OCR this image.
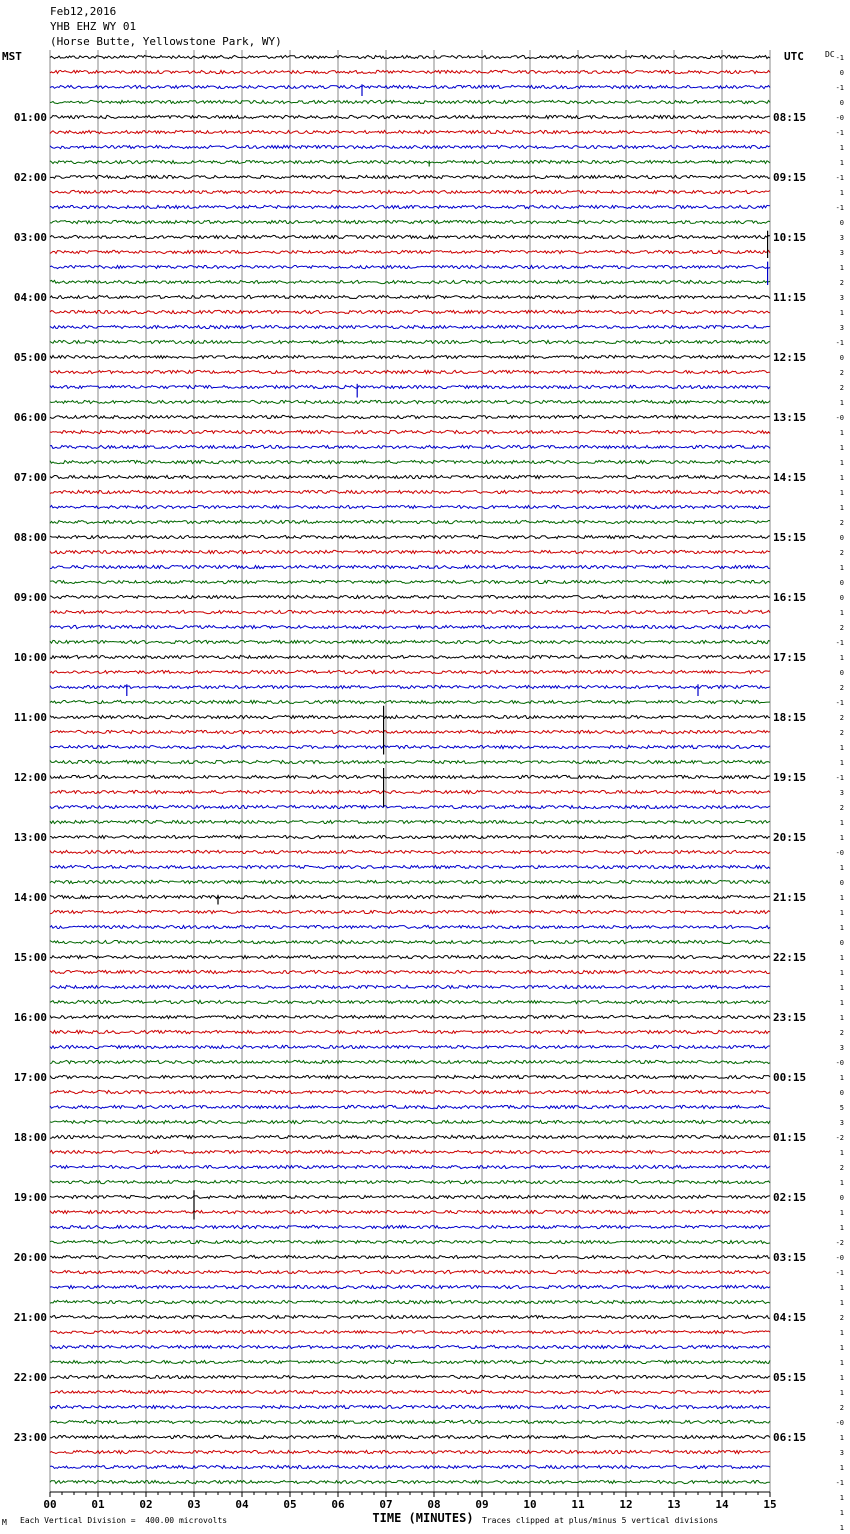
Feb12,2016
YHB EHZ WY 01
(Horse Butte, Yellowstone Park, WY)
MST	UTC	DC
01:00	08:15
02:00	09:15
03:00	10:15
04:00	11:15
05:00	12:15
06:00	13:15
07:00	14:15
08:00	15:15
09:00	16:15
10:00	17:15
11:00	18:15
12:00	19:15
13:00	20:15
14:00	21:15
15:00	22:15
16:00	23:15
17:00	00:15
18:00	01:15
19:00	02:15
20:00	03:15
21:00	04:15
22:00	05:15
23:00	06:15
-1
0
-1
0
-0
-1
1
1
-1
1
-1
0
3
3
1
2
3
1
3
-1
0
2
2
1
-0
1
1
1
1
1
1
2
0
2
1
0
0
1
2
-1
1
0
2
-1
2
2
1
1
-1
3
2
1
1
-0
1
0
1
1
1
0
1
1
1
1
1
2
3
-0
1
0
5
3
-2
1
2
1
0
1
1
-2
-0
-1
1
1
2
1
1
1
1
1
2
-0
1
3
1
-1
1
1
1
00	01	02	03	04	05	06	07	08	09	10	11	12	13	14	15
TIME (MINUTES)
M Each Vertical Division =  400.00 microvolts	Traces clipped at plus/minus 5 vertical divisions
